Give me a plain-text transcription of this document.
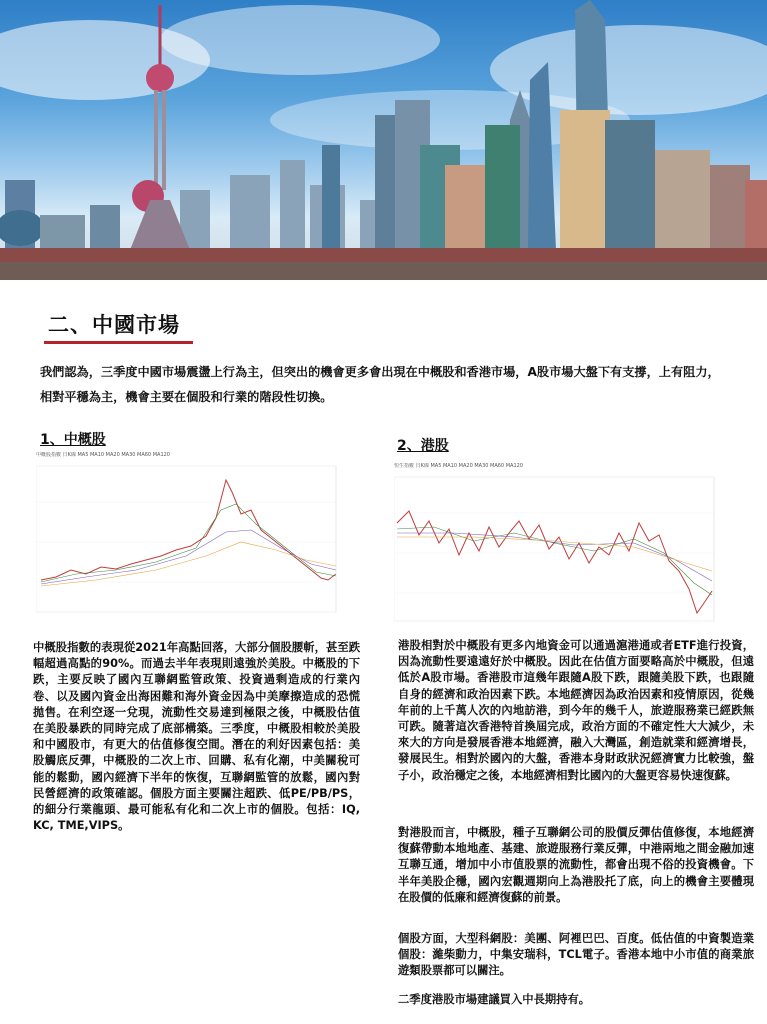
二、中國市場
我們認為，三季度中國市場震盪上行為主，但突出的機會更多會出現在中概股和香港市場，A股市場大盤下有支撐，上有阻力，相對平穩為主，機會主要在個股和行業的階段性切換。
1、中概股	2、港股
中概股指數 日K線 MA5 MA10 MA20 MA30 MA60 MA120
恒生指數 日K線 MA5 MA10 MA20 MA30 MA60 MA120
中概股指數的表現從2021年高點回落，大部分個股腰斬，甚至跌幅超過高點的90%。而過去半年表現則遠強於美股。中概股的下跌，主要反映了國內互聯網監管政策、投資過剩造成的行業內卷、以及國內資金出海困難和海外資金因為中美摩擦造成的恐慌拋售。在利空逐一兌現，流動性交易達到極限之後，中概股估值在美股暴跌的同時完成了底部構築。三季度，中概股相較於美股和中國股市，有更大的估值修復空間。潛在的利好因素包括：美股觸底反彈，中概股的二次上市、回購、私有化潮，中美關稅可能的鬆動，國內經濟下半年的恢復，互聯網監管的放鬆，國內對民營經濟的政策確認。個股方面主要關注超跌、低PE/PB/PS，的細分行業龍頭、最可能私有化和二次上市的個股。包括：IQ, KC, TME,VIPS。
港股相對於中概股有更多內地資金可以通過滬港通或者ETF進行投資，因為流動性要遠遠好於中概股。因此在估值方面要略高於中概股，但遠低於A股市場。香港股市這幾年跟隨A股下跌，跟隨美股下跌，也跟隨自身的經濟和政治因素下跌。本地經濟因為政治因素和疫情原因，從幾年前的上千萬人次的內地訪港，到今年的幾千人，旅遊服務業已經跌無可跌。隨著這次香港特首換屆完成，政治方面的不確定性大大減少，未來大的方向是發展香港本地經濟，融入大灣區，創造就業和經濟增長，發展民生。相對於國內的大盤，香港本身財政狀況經濟實力比較強，盤子小，政治穩定之後，本地經濟相對比國內的大盤更容易快速復蘇。
對港股而言，中概股，種子互聯網公司的股價反彈估值修復，本地經濟復蘇帶動本地地產、基建、旅遊服務行業反彈，中港兩地之間金融加速互聯互通，增加中小市值股票的流動性，都會出現不俗的投資機會。下半年美股企穩，國內宏觀週期向上為港股托了底，向上的機會主要體現在股價的低廉和經濟復蘇的前景。
個股方面，大型科網股：美團、阿裡巴巴、百度。低估值的中資製造業個股：濰柴動力，中集安瑞科，TCL電子。香港本地中小市值的商業旅遊類股票都可以關注。
二季度港股市場建議買入中長期持有。
